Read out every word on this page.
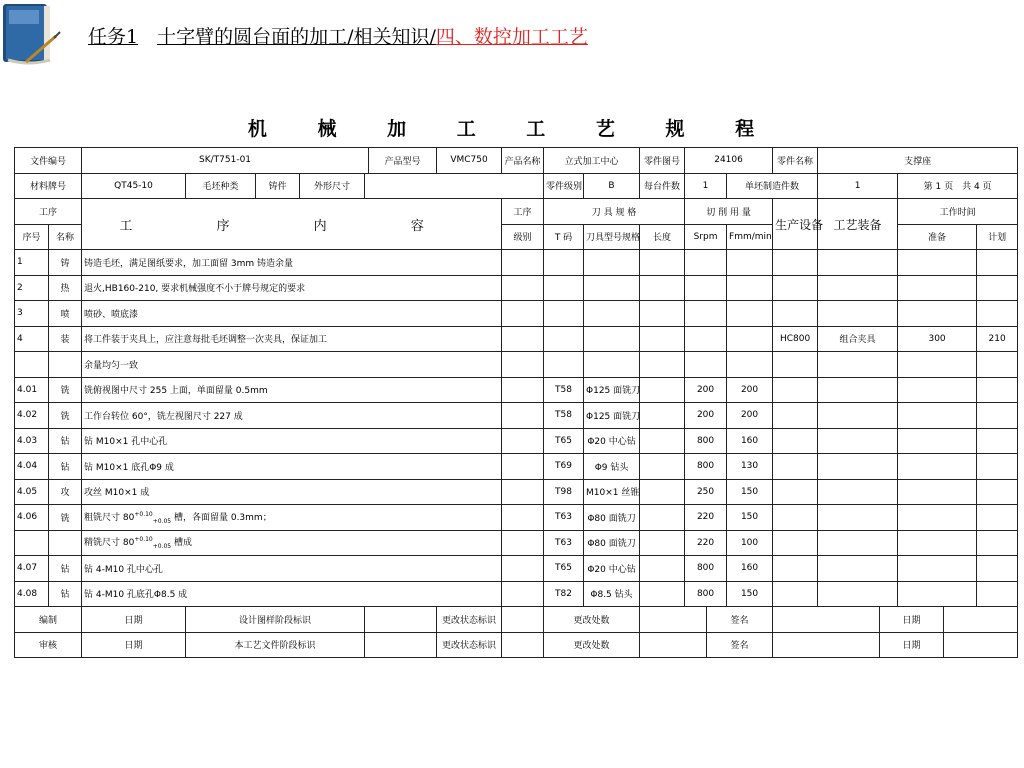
任务1　 十字臂的圆台面的加工/相关知识/四、数控加工工艺
机 械 加 工 工 艺 规 程
文件编号		SK/T751-01					产品型号	VMC750	产品名称	立式加工中心		零件图号	24106			零件名称	支撑座				
材料牌号		QT45-10	毛坯种类	铸件	外形尺寸					零件级别	B	每台件数	1		单坯制造件数		1		第 1 页　共 4 页		
工序		工 序 内 容							工序	刀 具 规 格			切 削 用 量			生产设备	工艺装备		工作时间		
序号	名称								级别	T 码	刀具型号规格	长度	Srpm		Fmm/min				准备		计划
1	铸	铸造毛坯，满足图纸要求，加工面留 3mm 铸造余量																			
2	热	退火,HB160-210, 要求机械强度不小于牌号规定的要求																			
3	喷	喷砂、喷底漆																			
4	装	将工件装于夹具上，应注意每批毛坯调整一次夹具，保证加工														HC800	组合夹具		300		210
		余量均匀一致																			
4.01	铣	铣俯视图中尺寸 255 上面，单面留量 0.5mm								T58	Φ125 面铣刀		200		200						
4.02	铣	工作台转位 60°，铣左视图尺寸 227 成								T58	Φ125 面铣刀		200		200						
4.03	钻	钻 M10×1 孔中心孔								T65	Φ20 中心钻		800		160						
4.04	钻	钻 M10×1 底孔Φ9 成								T69	Φ9 钻头		800		130						
4.05	攻	攻丝 M10×1 成								T98	M10×1 丝锥		250		150						
4.06	铣	粗铣尺寸 $80^{+0.10}_{+0.05}$ 槽，各面留量 0.3mm；								T63	Φ80 面铣刀		220		150						
		精铣尺寸 $80^{+0.10}_{+0.05}$ 槽成								T63	Φ80 面铣刀		220		100						
4.07	钻	钻 4-M10 孔中心孔								T65	Φ20 中心钻		800		160						
4.08	钻	钻 4-M10 孔底孔Φ8.5 成								T82	Φ8.5 钻头		800		150						
编制		日期	设计图样阶段标识					更改状态标识		更改处数				签名				日期			
审核		日期	本工艺文件阶段标识					更改状态标识		更改处数				签名				日期			
